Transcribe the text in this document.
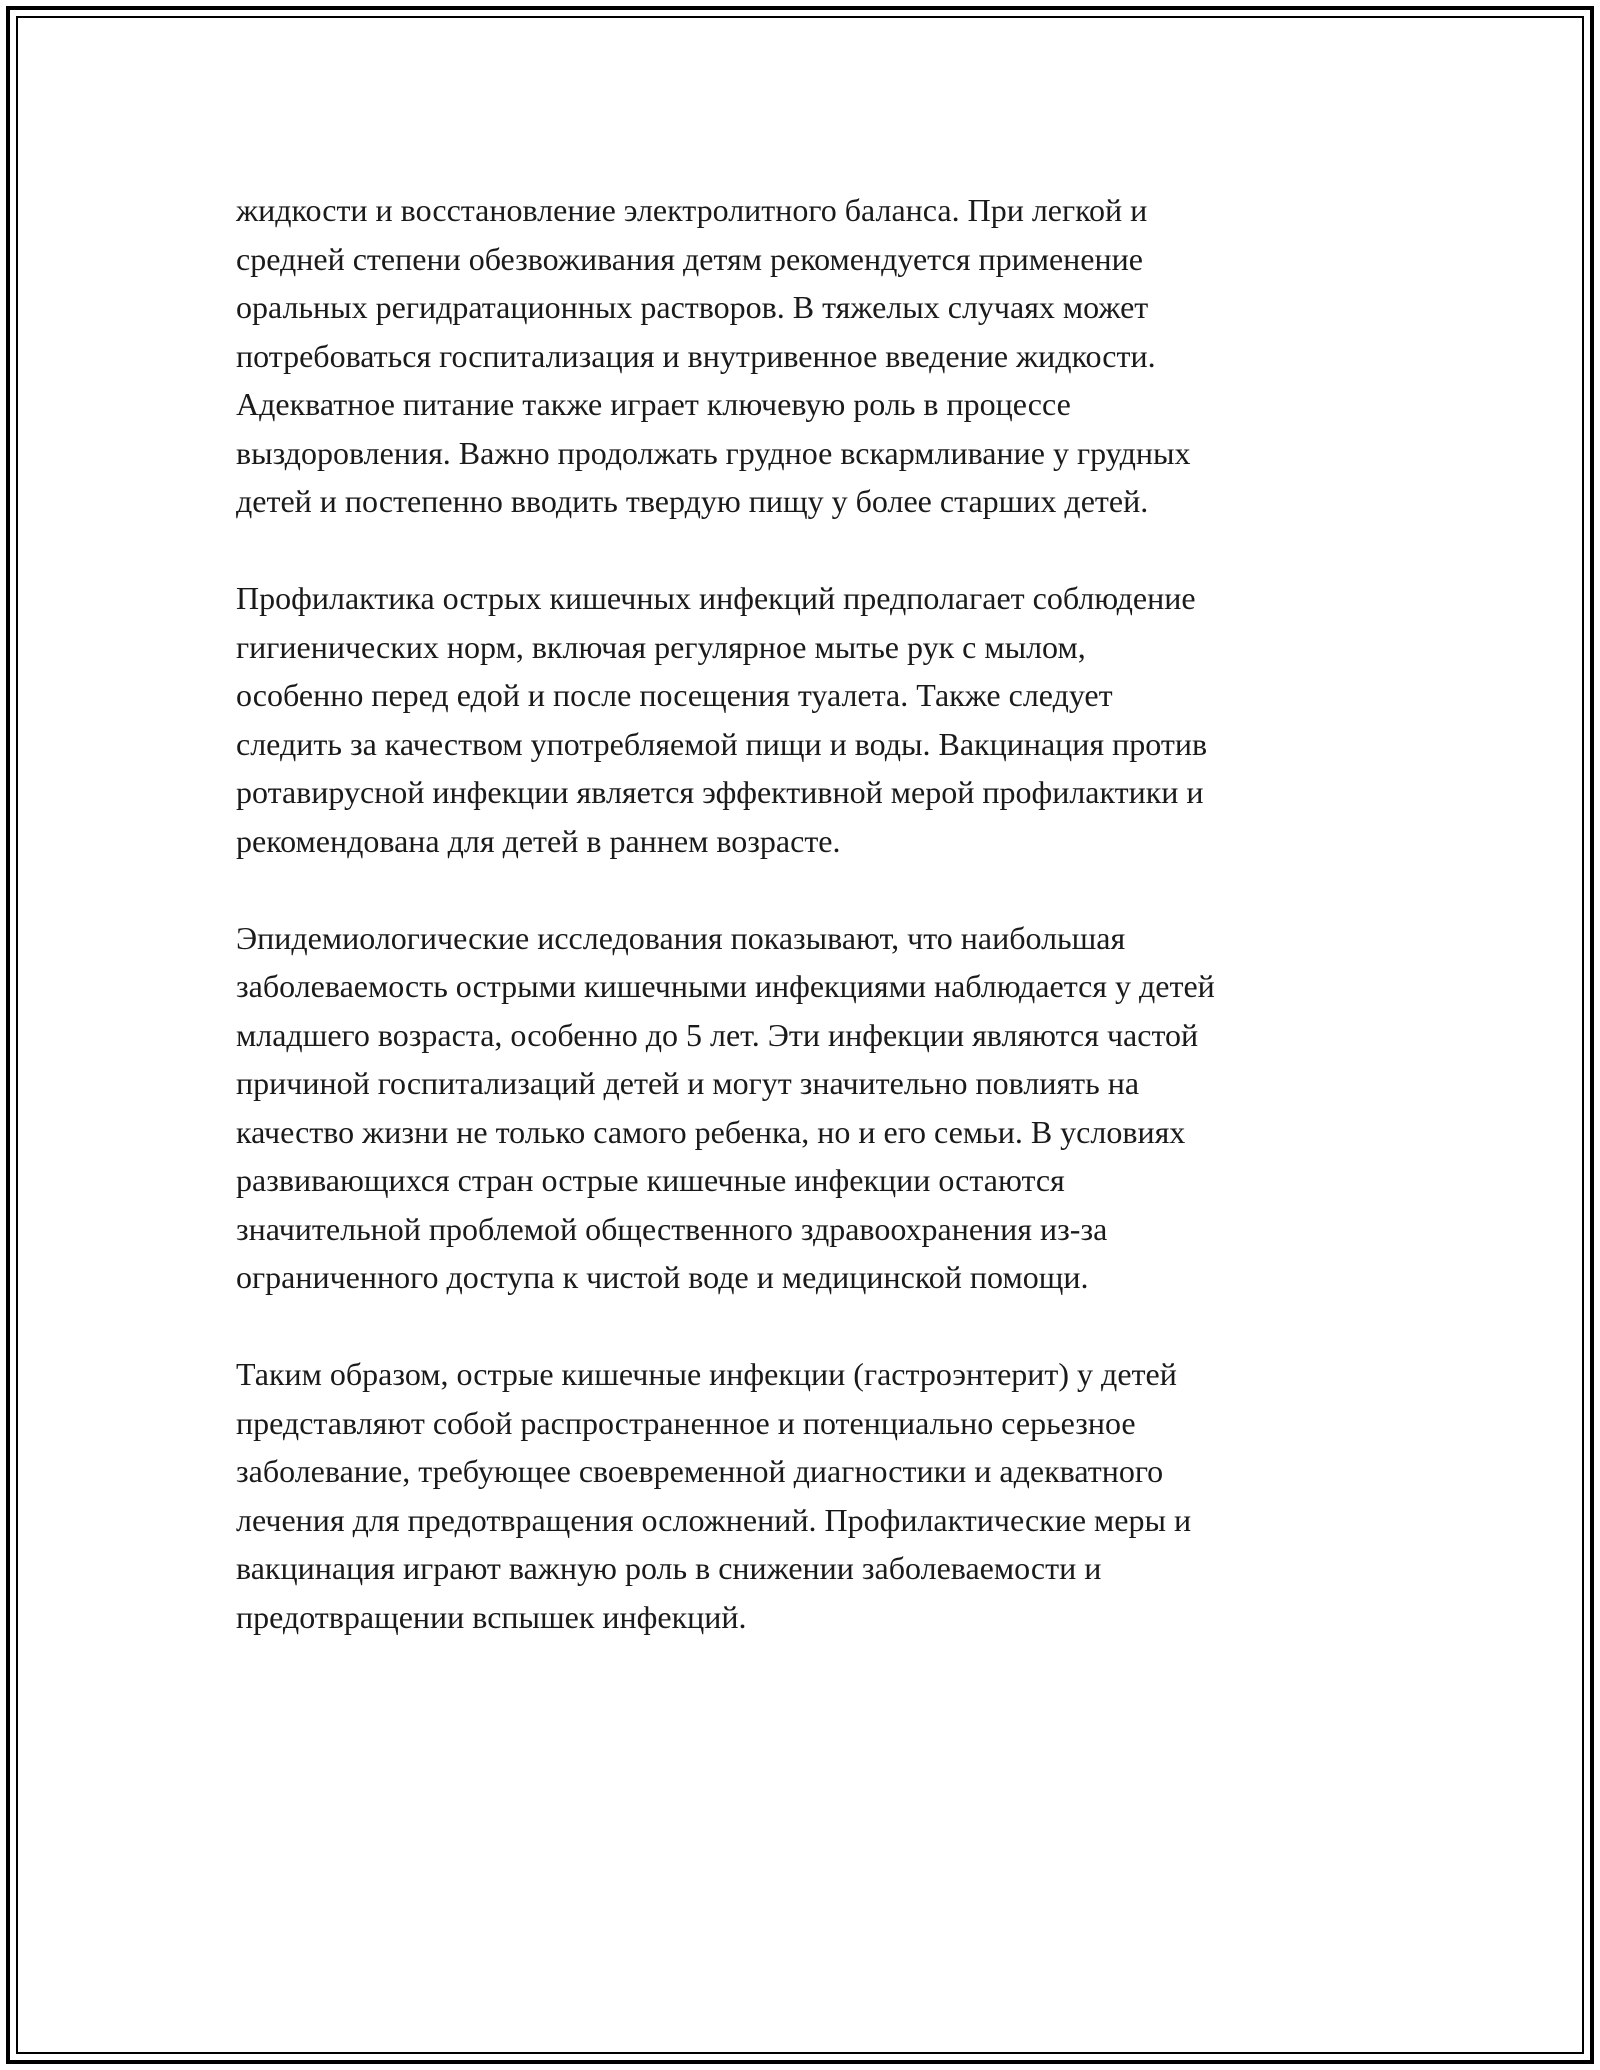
жидкости и восстановление электролитного баланса. При легкой и
средней степени обезвоживания детям рекомендуется применение
оральных регидратационных растворов. В тяжелых случаях может
потребоваться госпитализация и внутривенное введение жидкости.
Адекватное питание также играет ключевую роль в процессе
выздоровления. Важно продолжать грудное вскармливание у грудных
детей и постепенно вводить твердую пищу у более старших детей.

Профилактика острых кишечных инфекций предполагает соблюдение
гигиенических норм, включая регулярное мытье рук с мылом,
особенно перед едой и после посещения туалета. Также следует
следить за качеством употребляемой пищи и воды. Вакцинация против
ротавирусной инфекции является эффективной мерой профилактики и
рекомендована для детей в раннем возрасте.

Эпидемиологические исследования показывают, что наибольшая
заболеваемость острыми кишечными инфекциями наблюдается у детей
младшего возраста, особенно до 5 лет. Эти инфекции являются частой
причиной госпитализаций детей и могут значительно повлиять на
качество жизни не только самого ребенка, но и его семьи. В условиях
развивающихся стран острые кишечные инфекции остаются
значительной проблемой общественного здравоохранения из-за
ограниченного доступа к чистой воде и медицинской помощи.

Таким образом, острые кишечные инфекции (гастроэнтерит) у детей
представляют собой распространенное и потенциально серьезное
заболевание, требующее своевременной диагностики и адекватного
лечения для предотвращения осложнений. Профилактические меры и
вакцинация играют важную роль в снижении заболеваемости и
предотвращении вспышек инфекций.
